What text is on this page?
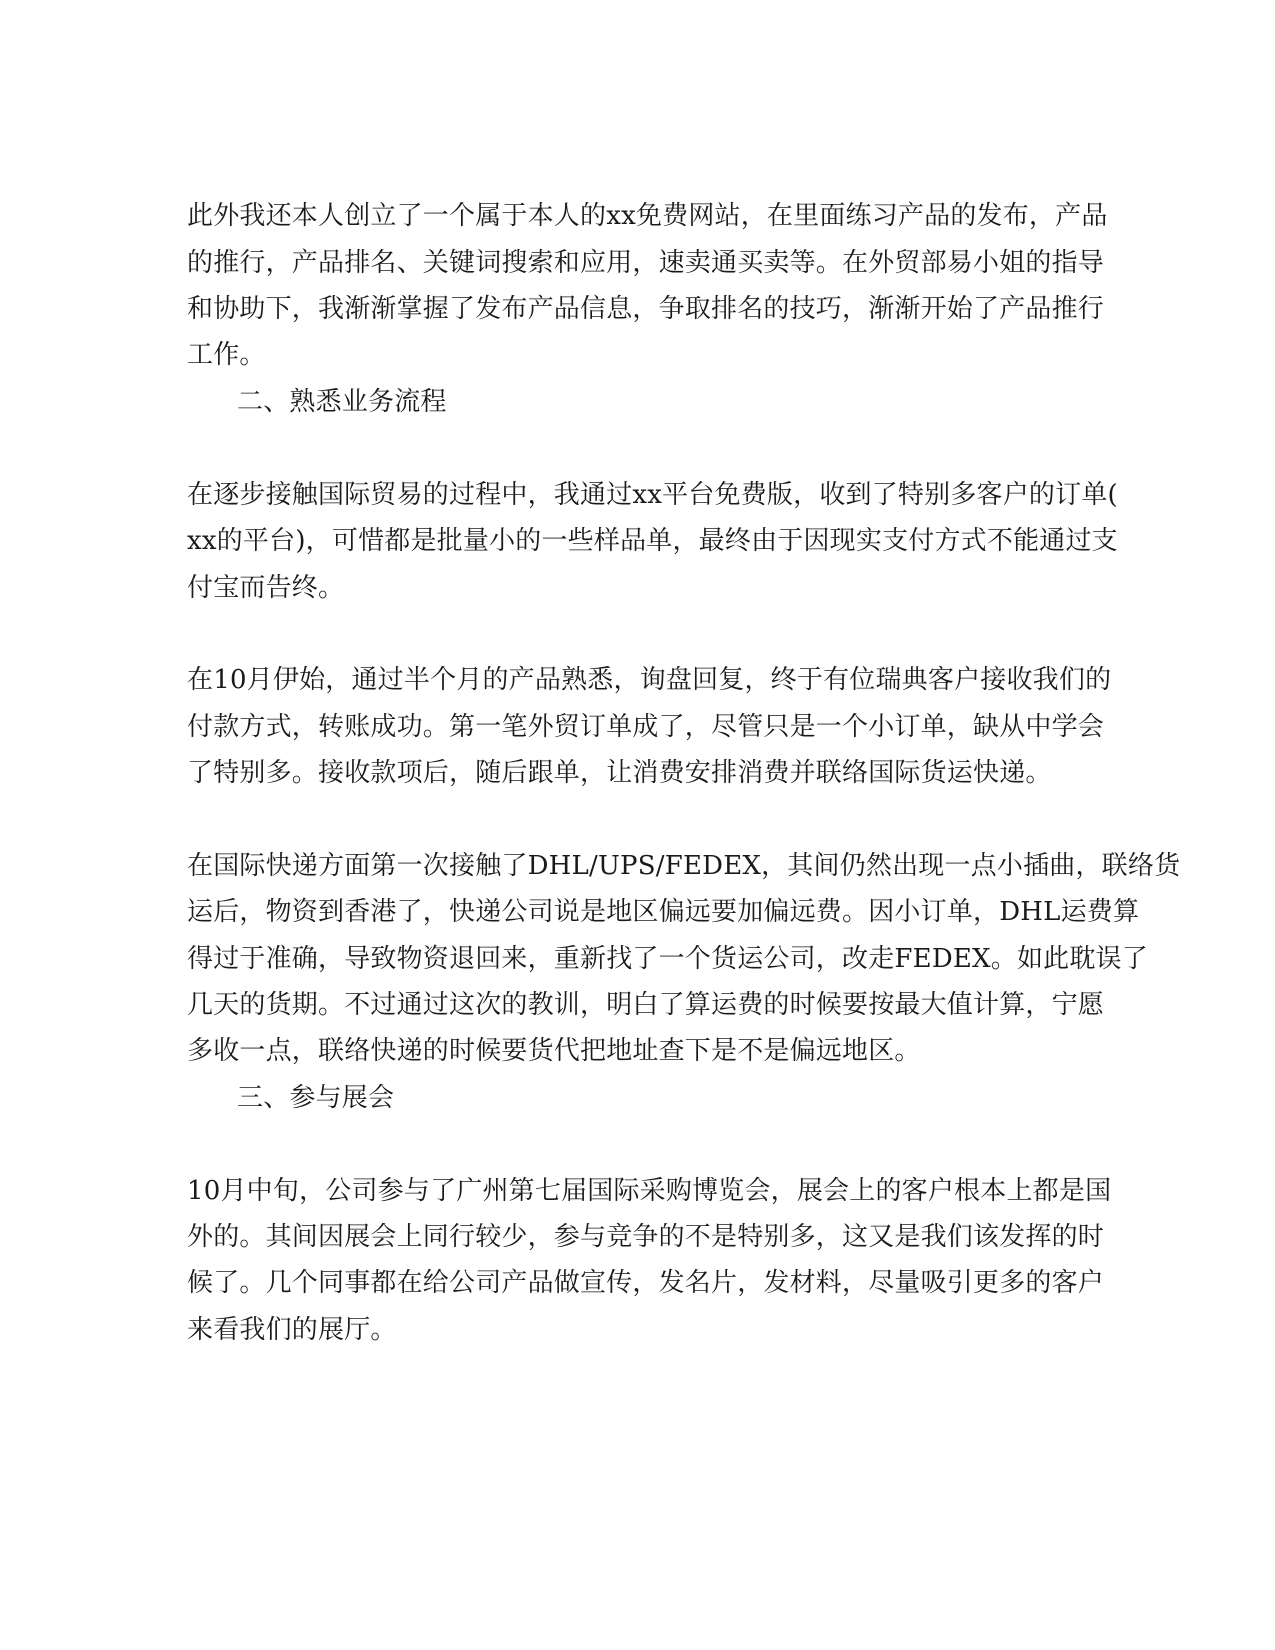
此外我还本人创立了一个属于本人的xx免费网站，在里面练习产品的发布，产品
的推行，产品排名、关键词搜索和应用，速卖通买卖等。在外贸部易小姐的指导
和协助下，我渐渐掌握了发布产品信息，争取排名的技巧，渐渐开始了产品推行
工作。
二、熟悉业务流程
在逐步接触国际贸易的过程中，我通过xx平台免费版，收到了特别多客户的订单(
xx的平台)，可惜都是批量小的一些样品单，最终由于因现实支付方式不能通过支
付宝而告终。
在10月伊始，通过半个月的产品熟悉，询盘回复，终于有位瑞典客户接收我们的
付款方式，转账成功。第一笔外贸订单成了，尽管只是一个小订单，缺从中学会
了特别多。接收款项后，随后跟单，让消费安排消费并联络国际货运快递。
在国际快递方面第一次接触了DHL/UPS/FEDEX，其间仍然出现一点小插曲，联络货
运后，物资到香港了，快递公司说是地区偏远要加偏远费。因小订单，DHL运费算
得过于准确，导致物资退回来，重新找了一个货运公司，改走FEDEX。如此耽误了
几天的货期。不过通过这次的教训，明白了算运费的时候要按最大值计算，宁愿
多收一点，联络快递的时候要货代把地址查下是不是偏远地区。
三、参与展会
10月中旬，公司参与了广州第七届国际采购博览会，展会上的客户根本上都是国
外的。其间因展会上同行较少，参与竞争的不是特别多，这又是我们该发挥的时
候了。几个同事都在给公司产品做宣传，发名片，发材料，尽量吸引更多的客户
来看我们的展厅。
